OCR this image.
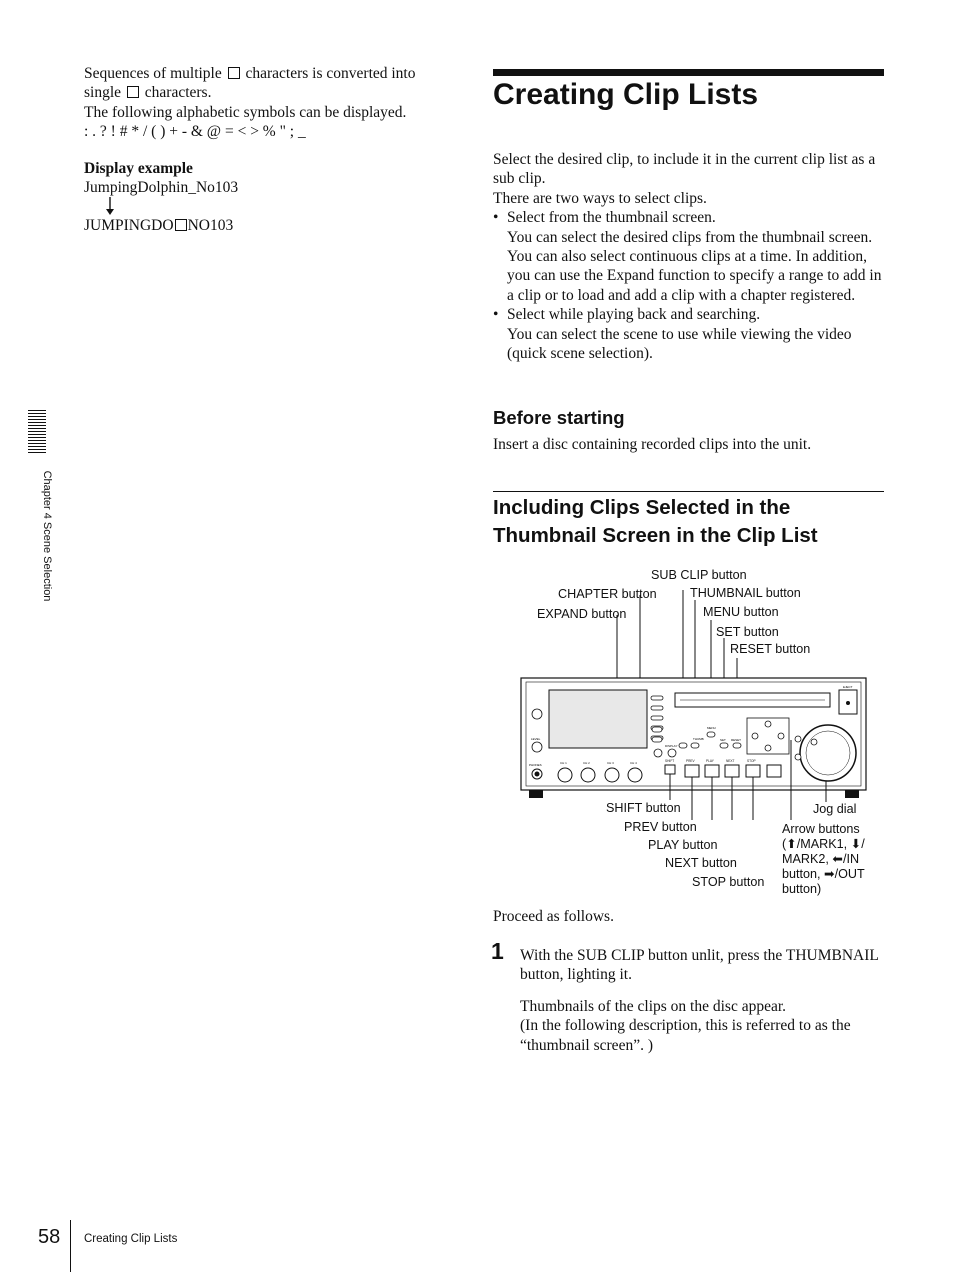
Sequences of multiple characters is converted into

single characters.

The following alphabetic symbols can be displayed.

: . ? ! # * / ( ) + - & @ = < > % " ; _

Display example

JumpingDolphin_No103

JUMPINGDO NO103

Creating Clip Lists

Select the desired clip, to include it in the current clip list as a sub clip.

There are two ways to select clips.

• Select from the thumbnail screen.
You can select the desired clips from the thumbnail screen. You can also select continuous clips at a time. In addition, you can use the Expand function to specify a range to add in a clip or to load and add a clip with a chapter registered.
• Select while playing back and searching.
You can select the scene to use while viewing the video (quick scene selection).
Before starting

Insert a disc containing recorded clips into the unit.

Including Clips Selected in the Thumbnail Screen in the Clip List
SUB CLIP button
CHAPTER button	THUMBNAIL button
EXPAND button	MENU button
SET button
RESET button
EJECT
LEVEL
PHONES	CH 1	CH 2	CH 3	CH 4
DISPLAY
THUMB
MENU
SET RESET
SHIFT	PREV	PLAY	NEXT	STOP
SHIFT button
PREV button
PLAY button
NEXT button
STOP button
Jog dial
Arrow buttons
(⬆/MARK1, ⬇/
MARK2, ⬅/IN
button, ➡/OUT
button)

Proceed as follows.

1 With the SUB CLIP button unlit, press the THUMBNAIL button, lighting it.

Thumbnails of the clips on the disc appear.

(In the following description, this is referred to as the “thumbnail screen”. )

Chapter 4 Scene Selection

58 Creating Clip Lists
